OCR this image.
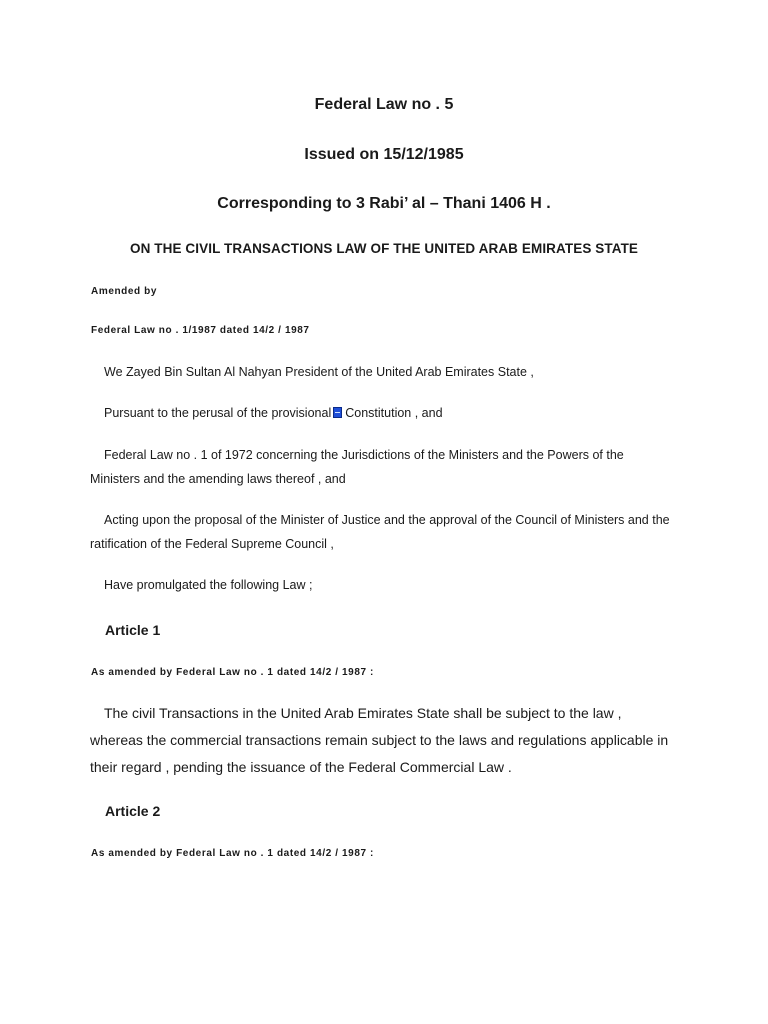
Federal Law no . 5
Issued on 15/12/1985
Corresponding to 3 Rabi’ al – Thani 1406 H .
ON THE CIVIL TRANSACTIONS LAW OF THE UNITED ARAB EMIRATES STATE
Amended by
Federal Law no . 1/1987 dated 14/2 / 1987
We Zayed Bin Sultan Al Nahyan President of the United Arab Emirates State ,
Pursuant to the perusal of the provisional Constitution , and
Federal Law no . 1 of 1972 concerning the Jurisdictions of the Ministers and the Powers of the Ministers and the amending laws thereof , and
Acting upon the proposal of the Minister of Justice and the approval of the Council of Ministers and the ratification of the Federal Supreme Council ,
Have promulgated the following Law ;
Article 1
As amended by Federal Law no . 1 dated 14/2 / 1987 :
The civil Transactions in the United Arab Emirates State shall be subject to the law , whereas the commercial transactions remain subject to the laws and regulations applicable in their regard , pending the issuance of the Federal Commercial Law .
Article 2
As amended by Federal Law no . 1 dated 14/2 / 1987 :
